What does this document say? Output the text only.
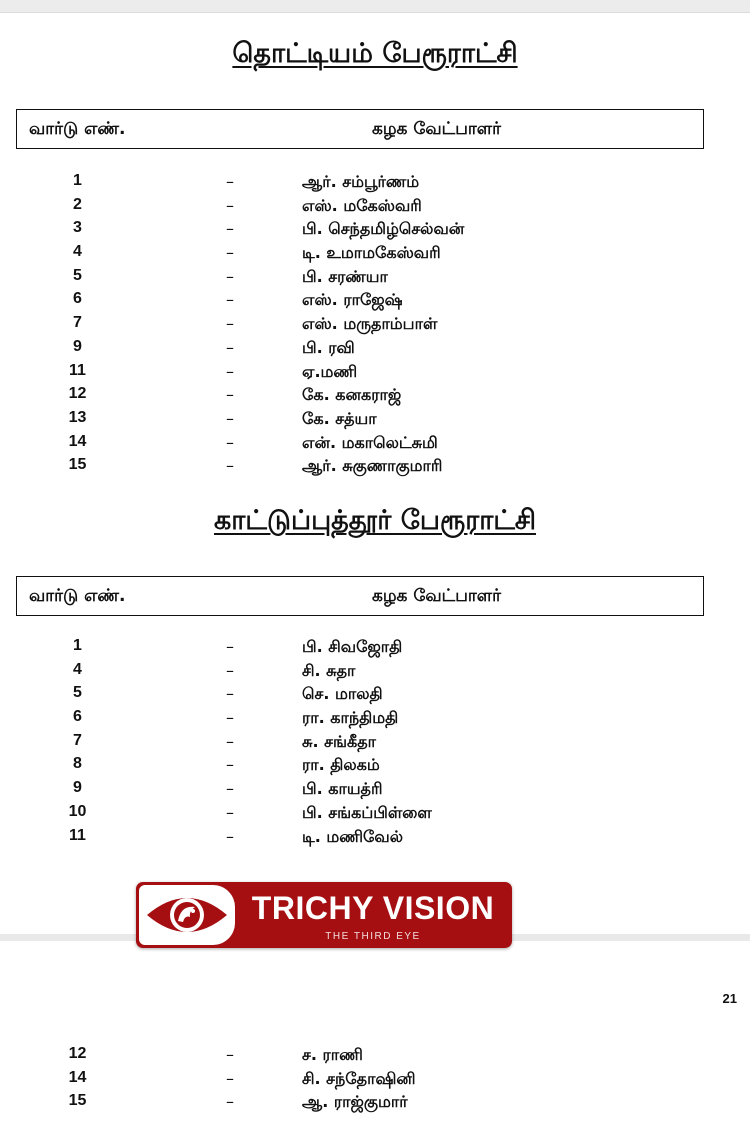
தொட்டியம் பேரூராட்சி
வார்டு எண்.	கழக வேட்பாளர்
1	–	ஆர். சம்பூர்ணம்
2	–	எஸ். மகேஸ்வரி
3	–	பி. செந்தமிழ்செல்வன்
4	–	டி. உமாமகேஸ்வரி
5	–	பி. சரண்யா
6	–	எஸ். ராஜேஷ்
7	–	எஸ். மருதாம்பாள்
9	–	பி. ரவி
11	–	ஏ.மணி
12	–	கே. கனகராஜ்
13	–	கே. சத்யா
14	–	என். மகாலெட்சுமி
15	–	ஆர். சுகுணாகுமாரி
காட்டுப்புத்தூர் பேரூராட்சி
வார்டு எண்.	கழக வேட்பாளர்
1	–	பி. சிவஜோதி
4	–	சி. சுதா
5	–	செ. மாலதி
6	–	ரா. காந்திமதி
7	–	சு. சங்கீதா
8	–	ரா. திலகம்
9	–	பி. காயத்ரி
10	–	பி. சங்கப்பிள்ளை
11	–	டி. மணிவேல்
TRICHY VISION
THE THIRD EYE
21
12	–	ச. ராணி
14	–	சி. சந்தோஷினி
15	–	ஆ. ராஜ்குமார்
